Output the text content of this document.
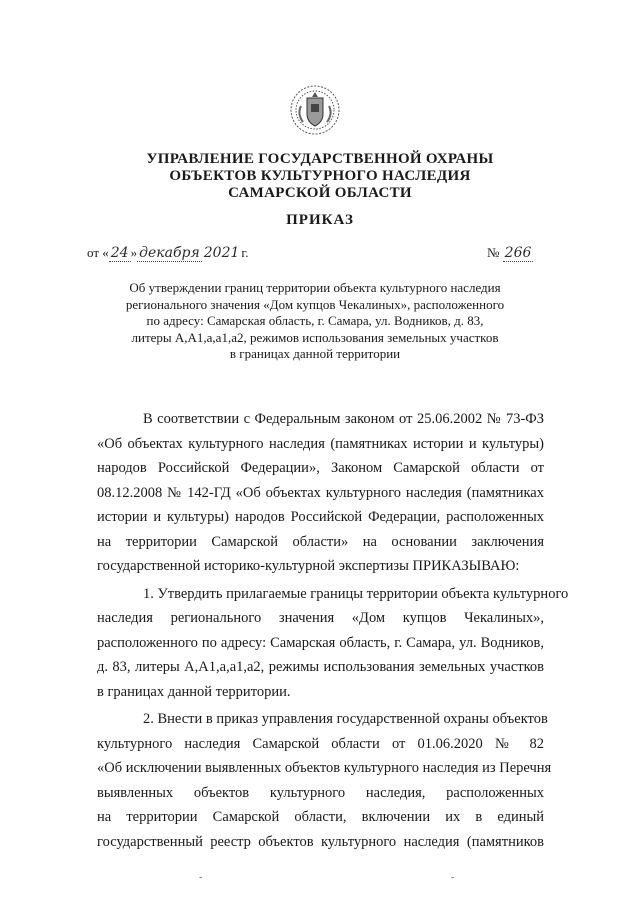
УПРАВЛЕНИЕ ГОСУДАРСТВЕННОЙ ОХРАНЫ
ОБЪЕКТОВ КУЛЬТУРНОГО НАСЛЕДИЯ
САМАРСКОЙ ОБЛАСТИ
ПРИКАЗ
от « 24 » декабря 2021 г.	№ 266
Об утверждении границ территории объекта культурного наследия
регионального значения «Дом купцов Чекалиных», расположенного
по адресу: Самарская область, г. Самара, ул. Водников, д. 83,
литеры А,А1,а,а1,а2, режимов использования земельных участков
в границах данной территории
В соответствии с Федеральным законом от 25.06.2002 № 73-ФЗ
«Об объектах культурного наследия (памятниках истории и культуры)
народов Российской Федерации», Законом Самарской области от
08.12.2008 № 142-ГД «Об объектах культурного наследия (памятниках
истории и культуры) народов Российской Федерации, расположенных
на территории Самарской области» на основании заключения
государственной историко-культурной экспертизы ПРИКАЗЫВАЮ:
1. Утвердить прилагаемые границы территории объекта культурного
наследия регионального значения «Дом купцов Чекалиных»,
расположенного по адресу: Самарская область, г. Самара, ул. Водников,
д. 83, литеры А,А1,а,а1,а2, режимы использования земельных участков
в границах данной территории.
2. Внести в приказ управления государственной охраны объектов
культурного наследия Самарской области от 01.06.2020 № 82
«Об исключении выявленных объектов культурного наследия из Перечня
выявленных объектов культурного наследия, расположенных
на территории Самарской области, включении их в единый
государственный реестр объектов культурного наследия (памятников
-	-
